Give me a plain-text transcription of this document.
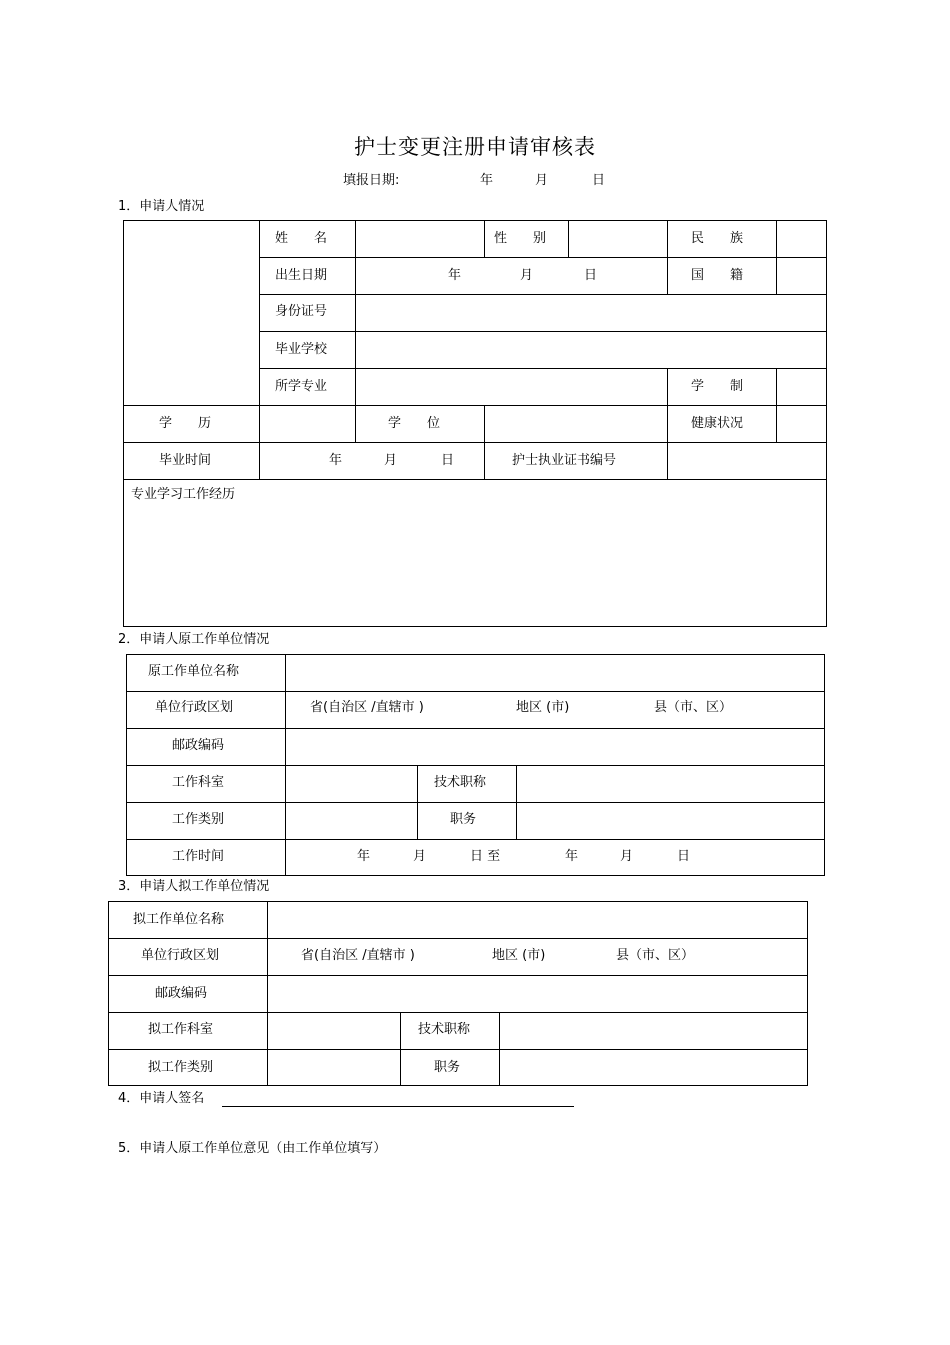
护士变更注册申请审核表
填报日期:	年	月	日
1．申请人情况
姓　　名	性　　别	民　　族
出生日期	年	月	日	国　　籍
身份证号
毕业学校
所学专业	学　　制
学　　历	学　　位	健康状况
毕业时间	年	月	日	护士执业证书编号
专业学习工作经历
2．申请人原工作单位情况
原工作单位名称
单位行政区划	省(自治区 /直辖市 )	地区 (市)	县（市、区）
邮政编码
工作科室	技术职称
工作类别	职务
工作时间	年	月	日 至	年	月	日
3．申请人拟工作单位情况
拟工作单位名称
单位行政区划	省(自治区 /直辖市 )	地区 (市)	县（市、区）
邮政编码
拟工作科室	技术职称
拟工作类别	职务
4．申请人签名
5．申请人原工作单位意见（由工作单位填写）
